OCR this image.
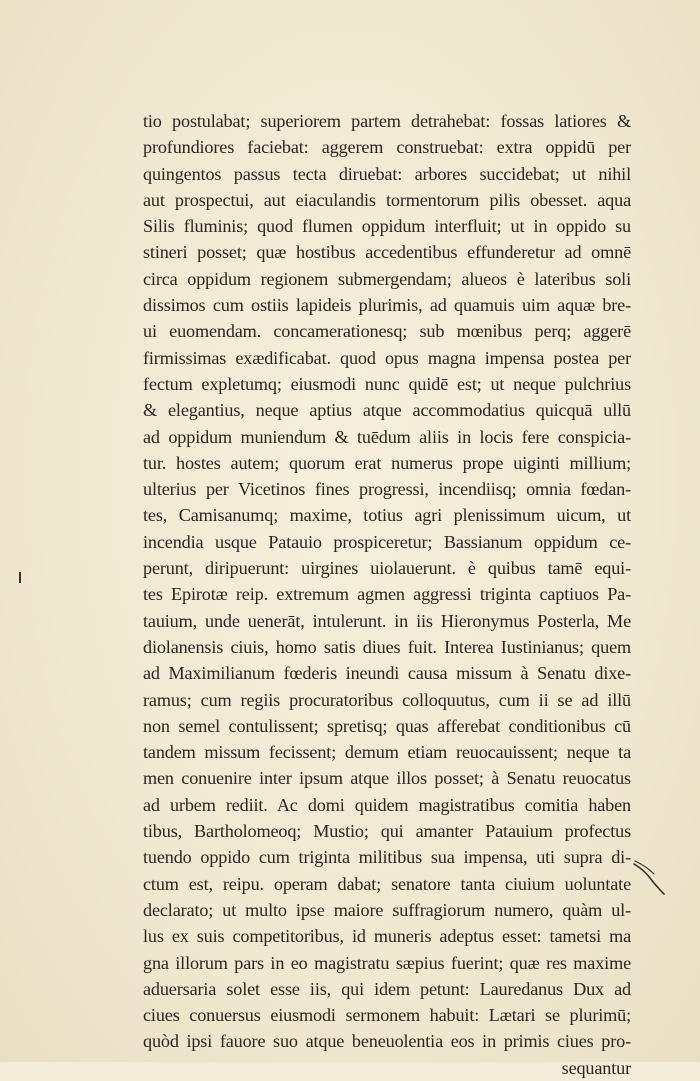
tio postulabat; superiorem partem detrahebat: fossas latiores &
profundiores faciebat: aggerem construebat: extra oppidū per
quingentos passus tecta diruebat: arbores succidebat; ut nihil
aut prospectui, aut eiaculandis tormentorum pilis obesset. aqua
Silis fluminis; quod flumen oppidum interfluit; ut in oppido su
stineri posset; quæ hostibus accedentibus effunderetur ad omnē
circa oppidum regionem submergendam; alueos è lateribus soli
dissimos cum ostiis lapideis plurimis, ad quamuis uim aquæ bre-
ui euomendam. concamerationesq; sub mœnibus perq; aggerē
firmissimas exædificabat. quod opus magna impensa postea per
fectum expletumq; eiusmodi nunc quidē est; ut neque pulchrius
& elegantius, neque aptius atque accommodatius quicquā ullū
ad oppidum muniendum & tuēdum aliis in locis fere conspicia-
tur. hostes autem; quorum erat numerus prope uiginti millium;
ulterius per Vicetinos fines progressi, incendiisq; omnia fœdan-
tes, Camisanumq; maxime, totius agri plenissimum uicum, ut
incendia usque Patauio prospiceretur; Bassianum oppidum ce-
perunt, diripuerunt: uirgines uiolauerunt. è quibus tamē equi-
tes Epirotæ reip. extremum agmen aggressi triginta captiuos Pa-
tauium, unde uenerāt, intulerunt. in iis Hieronymus Posterla, Me
diolanensis ciuis, homo satis diues fuit. Interea Iustinianus; quem
ad Maximilianum fœderis ineundi causa missum à Senatu dixe-
ramus; cum regiis procuratoribus colloquutus, cum ii se ad illū
non semel contulissent; spretisq; quas afferebat conditionibus cū
tandem missum fecissent; demum etiam reuocauissent; neque ta
men conuenire inter ipsum atque illos posset; à Senatu reuocatus
ad urbem rediit. Ac domi quidem magistratibus comitia haben
tibus, Bartholomeoq; Mustio; qui amanter Patauium profectus
tuendo oppido cum triginta militibus sua impensa, uti supra di-
ctum est, reipu. operam dabat; senatore tanta ciuium uoluntate
declarato; ut multo ipse maiore suffragiorum numero, quàm ul-
lus ex suis competitoribus, id muneris adeptus esset: tametsi ma
gna illorum pars in eo magistratu sæpius fuerint; quæ res maxime
aduersaria solet esse iis, qui idem petunt: Lauredanus Dux ad
ciues conuersus eiusmodi sermonem habuit: Lætari se plurimū;
quòd ipsi fauore suo atque beneuolentia eos in primis ciues pro-
sequantur
